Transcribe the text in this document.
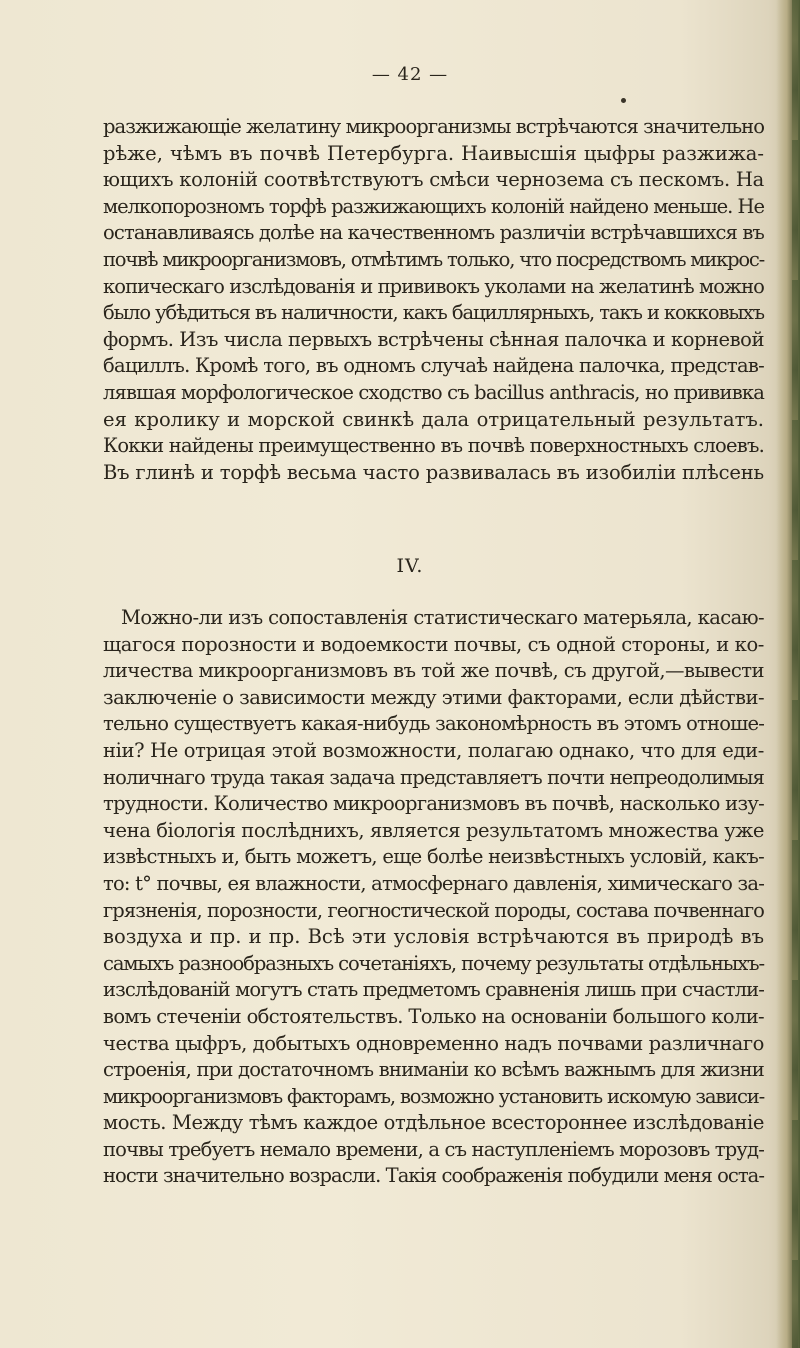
— 42 —
разжижающіе желатину микроорганизмы встрѣчаются значительно
рѣже, чѣмъ въ почвѣ Петербурга. Наивысшія цыфры разжижа-
ющихъ колоній соотвѣтствуютъ смѣси чернозема съ пескомъ. На
мелкопорозномъ торфѣ разжижающихъ колоній найдено меньше. Не
останавливаясь долѣе на качественномъ различіи встрѣчавшихся въ
почвѣ микроорганизмовъ, отмѣтимъ только, что посредствомъ микрос-
копическаго изслѣдованія и прививокъ уколами на желатинѣ можно
было убѣдиться въ наличности, какъ бациллярныхъ, такъ и кокковыхъ
формъ. Изъ числа первыхъ встрѣчены сѣнная палочка и корневой
бациллъ. Кромѣ того, въ одномъ случаѣ найдена палочка, представ-
лявшая морфологическое сходство съ bacillus anthracis, но прививка
ея кролику и морской свинкѣ дала отрицательный результатъ.
Кокки найдены преимущественно въ почвѣ поверхностныхъ слоевъ.
Въ глинѣ и торфѣ весьма часто развивалась въ изобиліи плѣсень
IV.
Можно-ли изъ сопоставленія статистическаго матерьяла, касаю-
щагося порозности и водоемкости почвы, съ одной стороны, и ко-
личества микроорганизмовъ въ той же почвѣ, съ другой,—вывести
заключеніе о зависимости между этими факторами, если дѣйстви-
тельно существуетъ какая-нибудь закономѣрность въ этомъ отноше-
ніи? Не отрицая этой возможности, полагаю однако, что для еди-
ноличнаго труда такая задача представляетъ почти непреодолимыя
трудности. Количество микроорганизмовъ въ почвѣ, насколько изу-
чена біологія послѣднихъ, является результатомъ множества уже
извѣстныхъ и, быть можетъ, еще болѣе неизвѣстныхъ условій, какъ-
то: t° почвы, ея влажности, атмосфернаго давленія, химическаго за-
грязненія, порозности, геогностической породы, состава почвеннаго
воздуха и пр. и пр. Всѣ эти условія встрѣчаются въ природѣ въ
самыхъ разнообразныхъ сочетаніяхъ, почему результаты отдѣльныхъ-
изслѣдованій могутъ стать предметомъ сравненія лишь при счастли-
вомъ стеченіи обстоятельствъ. Только на основаніи большого коли-
чества цыфръ, добытыхъ одновременно надъ почвами различнаго
строенія, при достаточномъ вниманіи ко всѣмъ важнымъ для жизни
микроорганизмовъ факторамъ, возможно установить искомую зависи-
мость. Между тѣмъ каждое отдѣльное всестороннее изслѣдованіе
почвы требуетъ немало времени, а съ наступленіемъ морозовъ труд-
ности значительно возрасли. Такія соображенія побудили меня оста-
